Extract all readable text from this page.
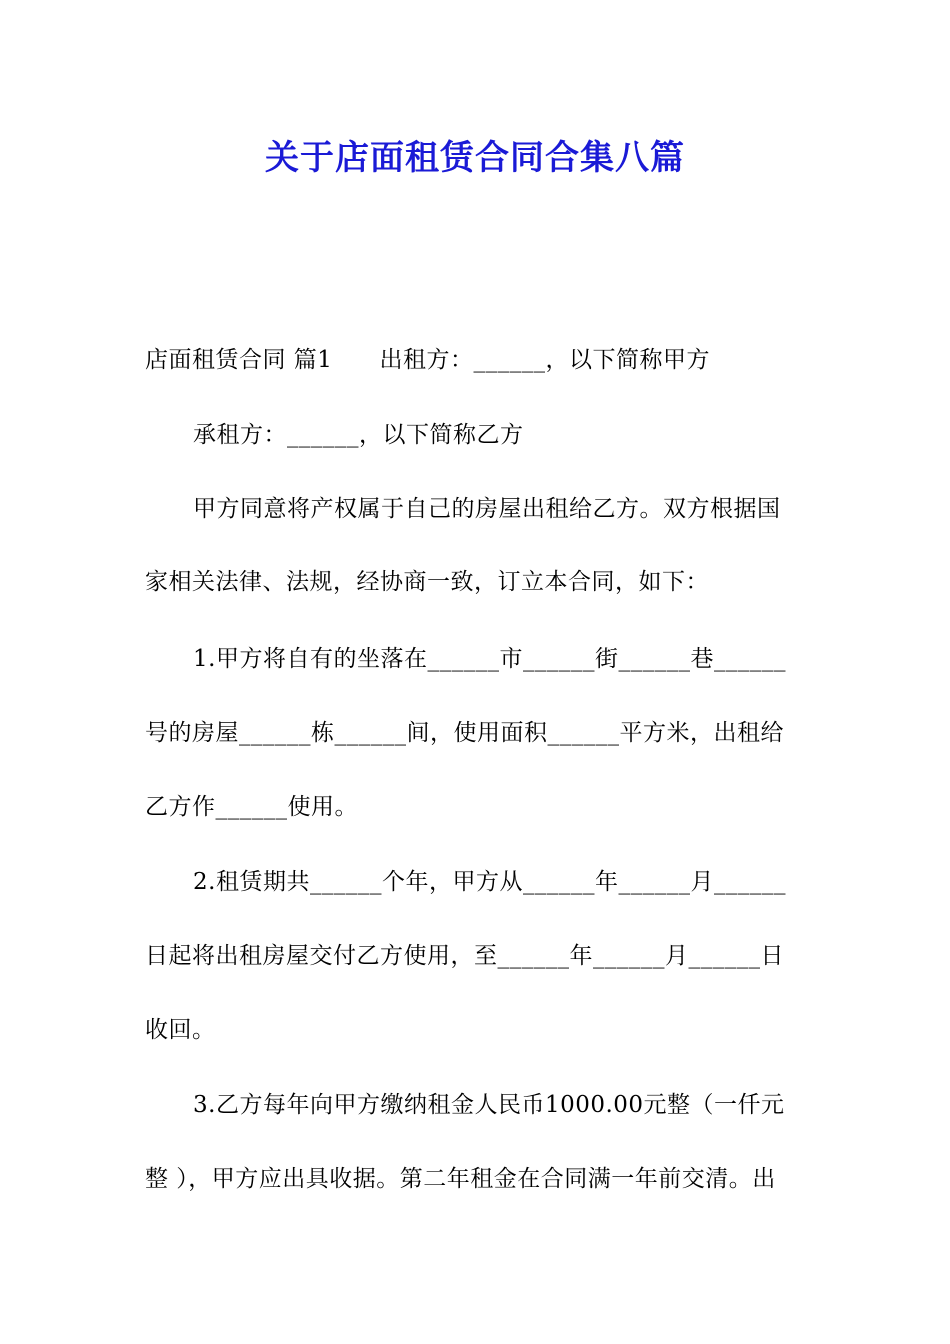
关于店面租赁合同合集八篇
店面租赁合同 篇1　　出租方：______，以下简称甲方
承租方：______，以下简称乙方
甲方同意将产权属于自己的房屋出租给乙方。双方根据国
家相关法律、法规，经协商一致，订立本合同，如下：
1.甲方将自有的坐落在______市______街______巷______
号的房屋______栋______间，使用面积______平方米，出租给
乙方作______使用。
2.租赁期共______个年，甲方从______年______月______
日起将出租房屋交付乙方使用，至______年______月______日
收回。
3.乙方每年向甲方缴纳租金人民币1000.00元整（一仟元
整 ），甲方应出具收据。第二年租金在合同满一年前交清。出
